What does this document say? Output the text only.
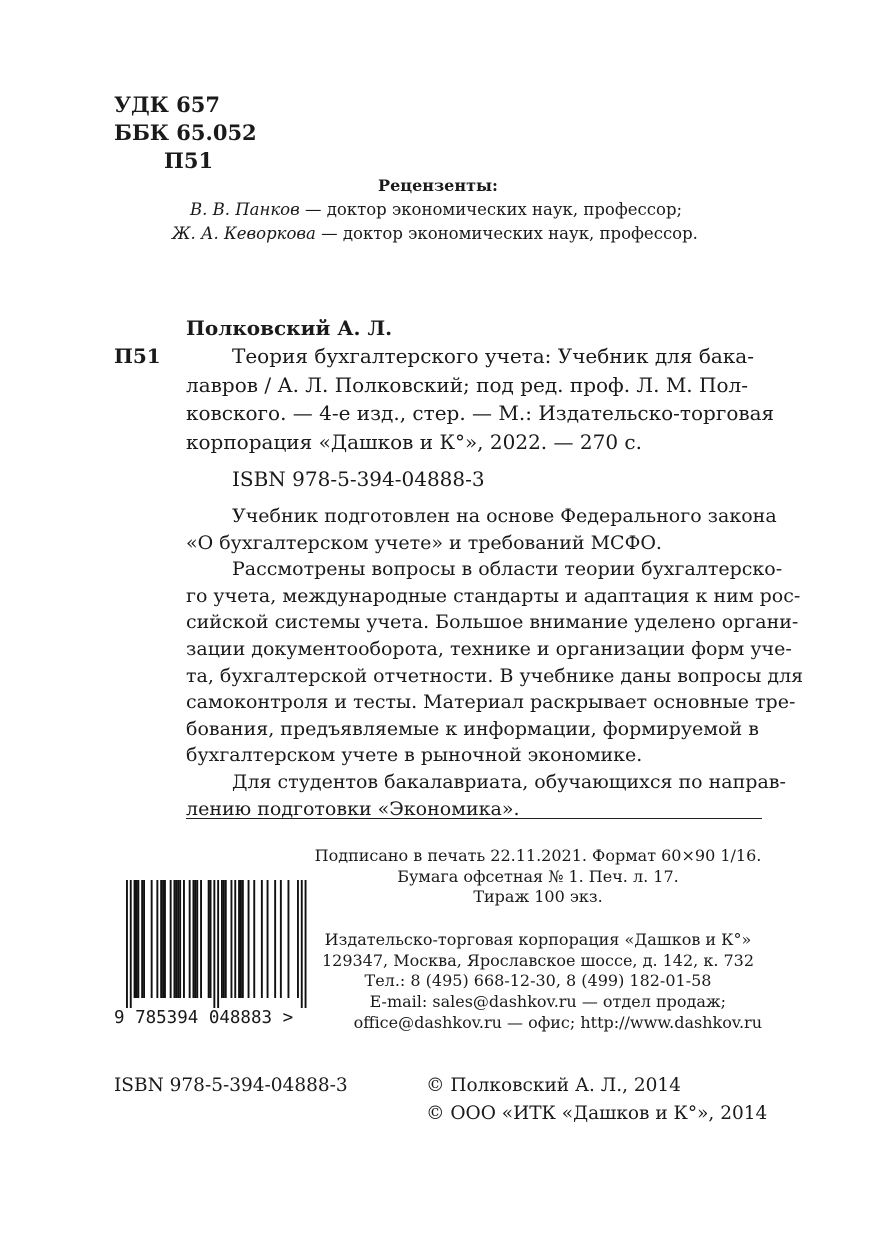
УДК 657
ББК 65.052
П51
Рецензенты:
В. В. Панков — доктор экономических наук, профессор;
Ж. А. Кеворкова — доктор экономических наук, профессор.
Полковский А. Л.
П51	Теория бухгалтерского учета: Учебник для бака-
лавров / А. Л. Полковский; под ред. проф. Л. М. Пол-
ковского. — 4-е изд., стер. — М.: Издательско-торговая
корпорация «Дашков и К°», 2022. — 270 с.
ISBN 978-5-394-04888-3
Учебник подготовлен на основе Федерального закона
«О бухгалтерском учете» и требований МСФО.
Рассмотрены вопросы в области теории бухгалтерско-
го учета, международные стандарты и адаптация к ним рос-
сийской системы учета. Большое внимание уделено органи-
зации документооборота, технике и организации форм уче-
та, бухгалтерской отчетности. В учебнике даны вопросы для
самоконтроля и тесты. Материал раскрывает основные тре-
бования, предъявляемые к информации, формируемой в
бухгалтерском учете в рыночной экономике.
Для студентов бакалавриата, обучающихся по направ-
лению подготовки «Экономика».
Подписано в печать 22.11.2021. Формат 60×90 1/16.
Бумага офсетная № 1. Печ. л. 17.
Тираж 100 экз.
9 785394 048883 >
Издательско-торговая корпорация «Дашков и К°»
129347, Москва, Ярославское шоссе, д. 142, к. 732
Тел.: 8 (495) 668-12-30, 8 (499) 182-01-58
E-mail: sales@dashkov.ru — отдел продаж;
office@dashkov.ru — офис; http://www.dashkov.ru
ISBN 978-5-394-04888-3	© Полковский А. Л., 2014
© ООО «ИТК «Дашков и К°», 2014
